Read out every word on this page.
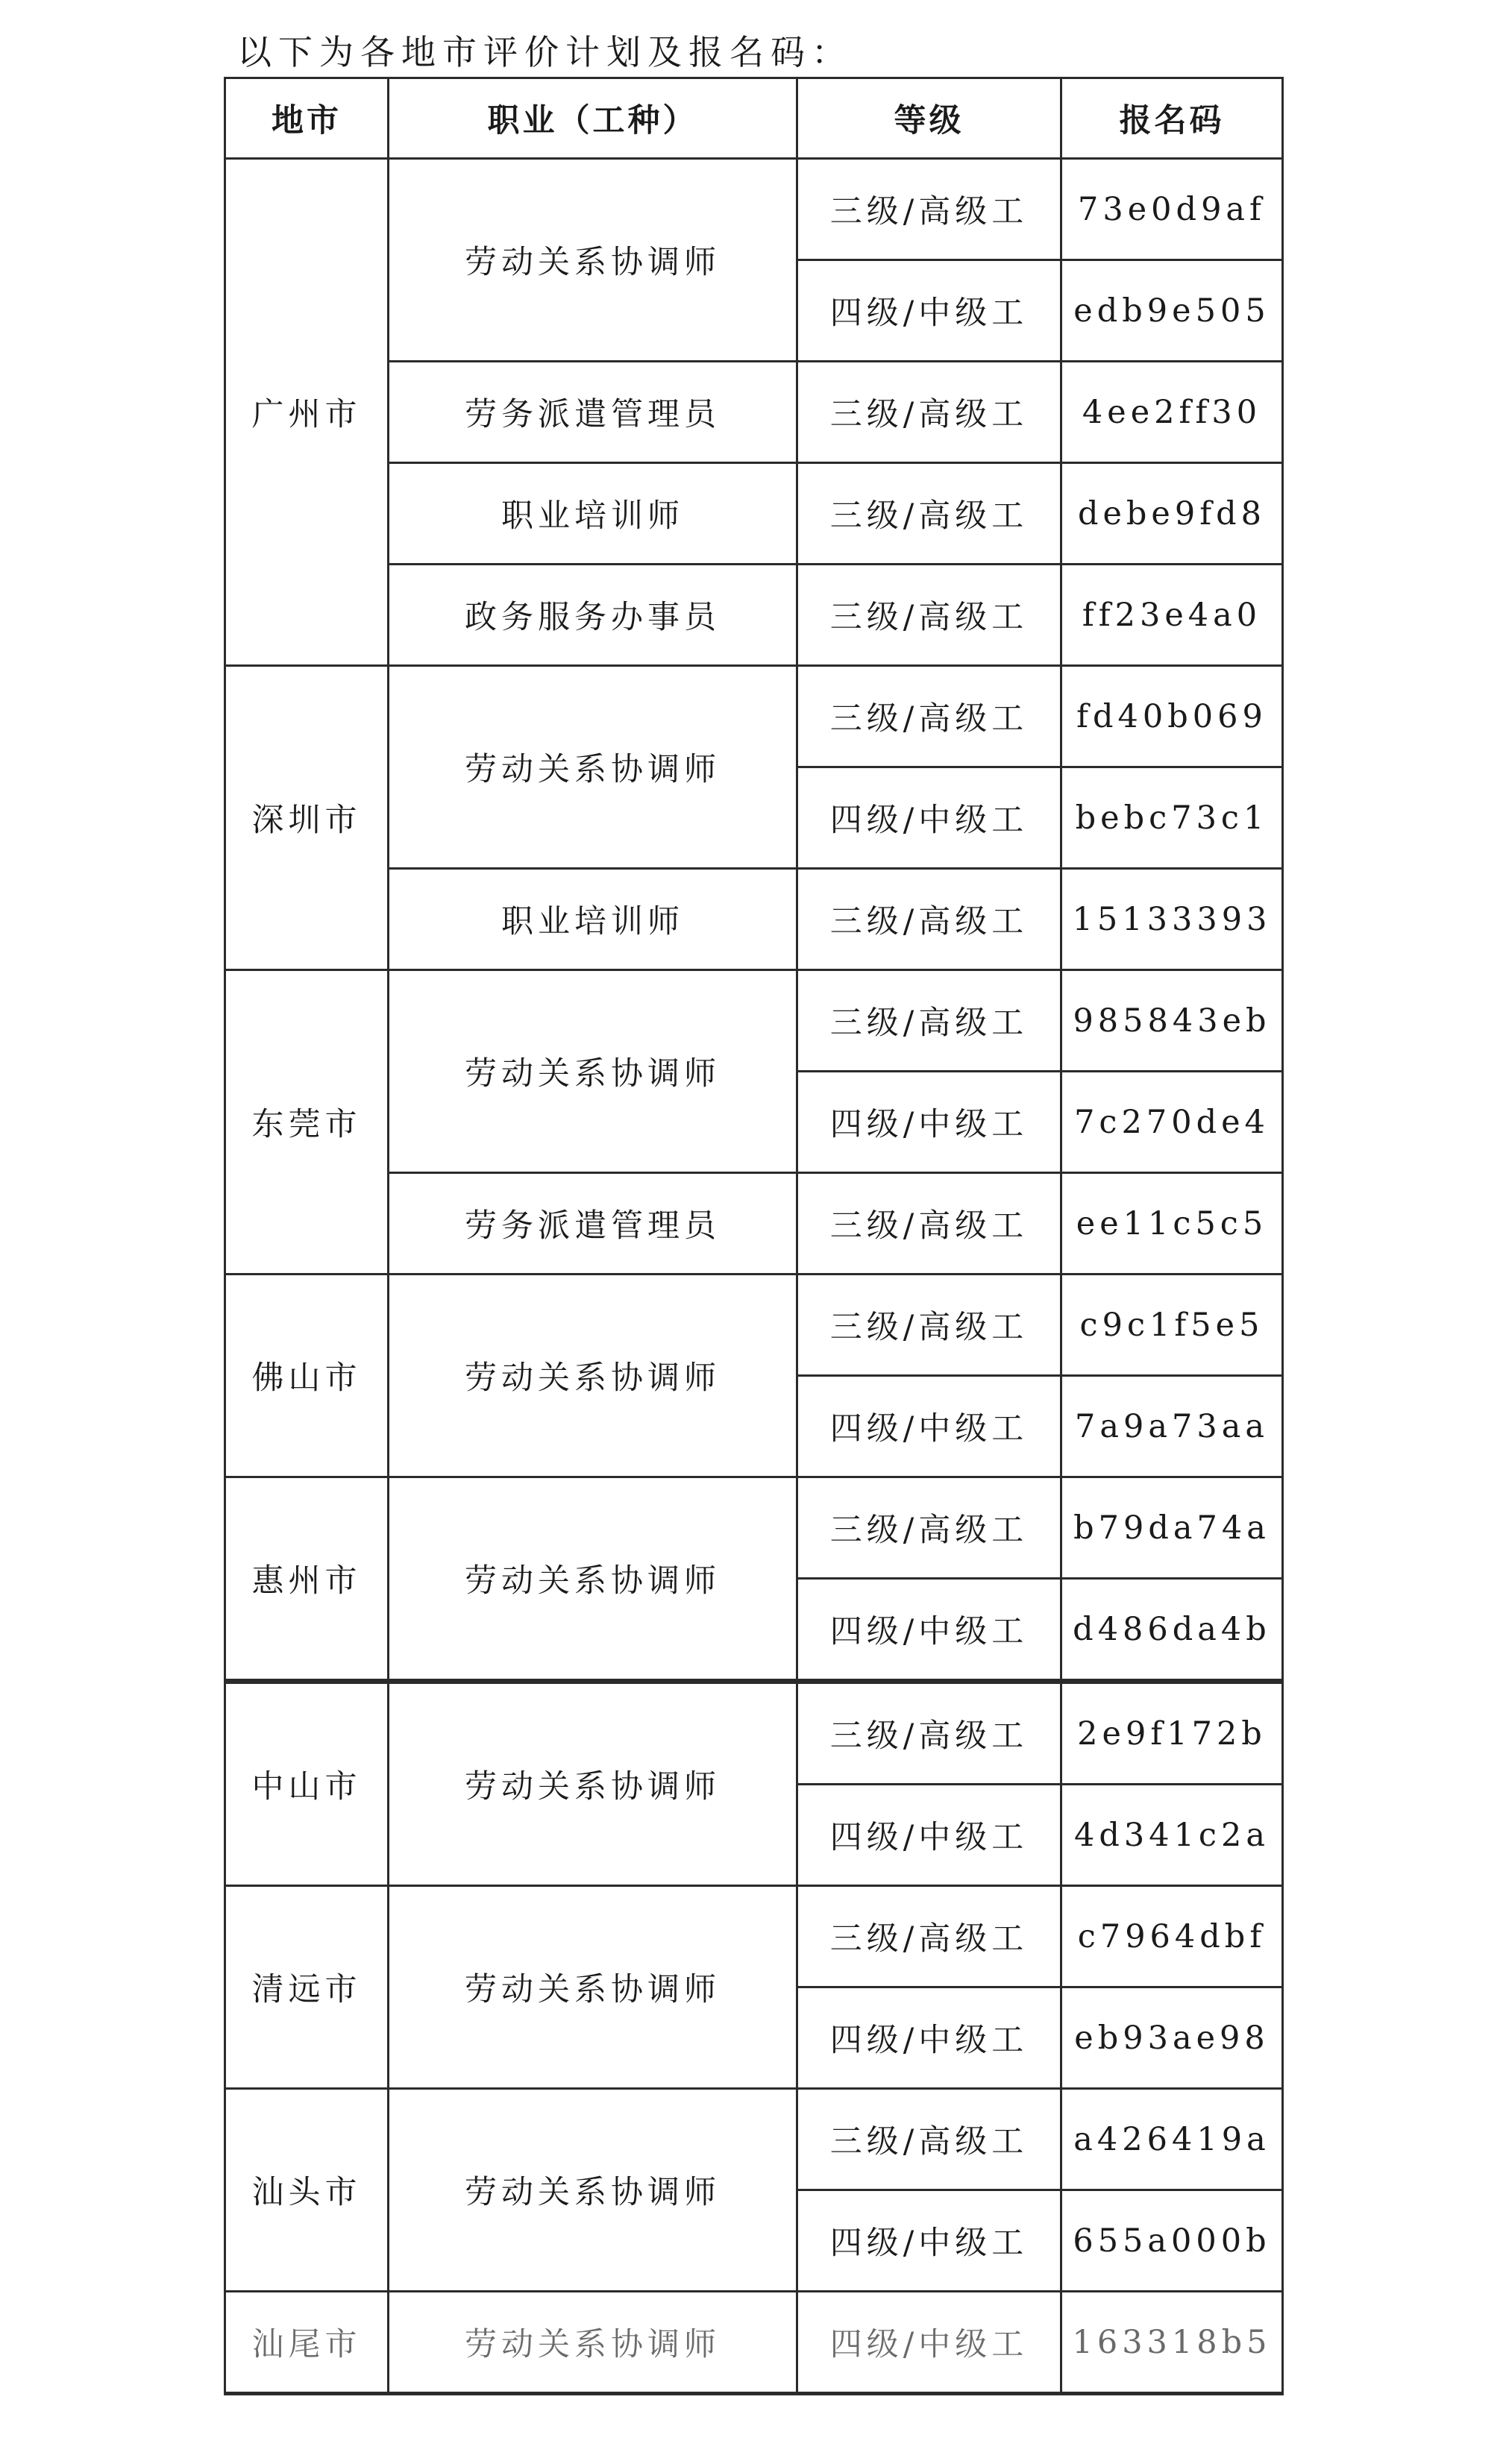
以下为各地市评价计划及报名码：
地市	职业（工种）	等级	报名码
广州市	劳动关系协调师	三级/高级工	73e0d9af
		四级/中级工	edb9e505
	劳务派遣管理员	三级/高级工	4ee2ff30
	职业培训师	三级/高级工	debe9fd8
	政务服务办事员	三级/高级工	ff23e4a0
深圳市	劳动关系协调师	三级/高级工	fd40b069
		四级/中级工	bebc73c1
	职业培训师	三级/高级工	15133393
东莞市	劳动关系协调师	三级/高级工	985843eb
		四级/中级工	7c270de4
	劳务派遣管理员	三级/高级工	ee11c5c5
佛山市	劳动关系协调师	三级/高级工	c9c1f5e5
		四级/中级工	7a9a73aa
惠州市	劳动关系协调师	三级/高级工	b79da74a
		四级/中级工	d486da4b
中山市	劳动关系协调师	三级/高级工	2e9f172b
		四级/中级工	4d341c2a
清远市	劳动关系协调师	三级/高级工	c7964dbf
		四级/中级工	eb93ae98
汕头市	劳动关系协调师	三级/高级工	a426419a
		四级/中级工	655a000b
汕尾市	劳动关系协调师	四级/中级工	163318b5
